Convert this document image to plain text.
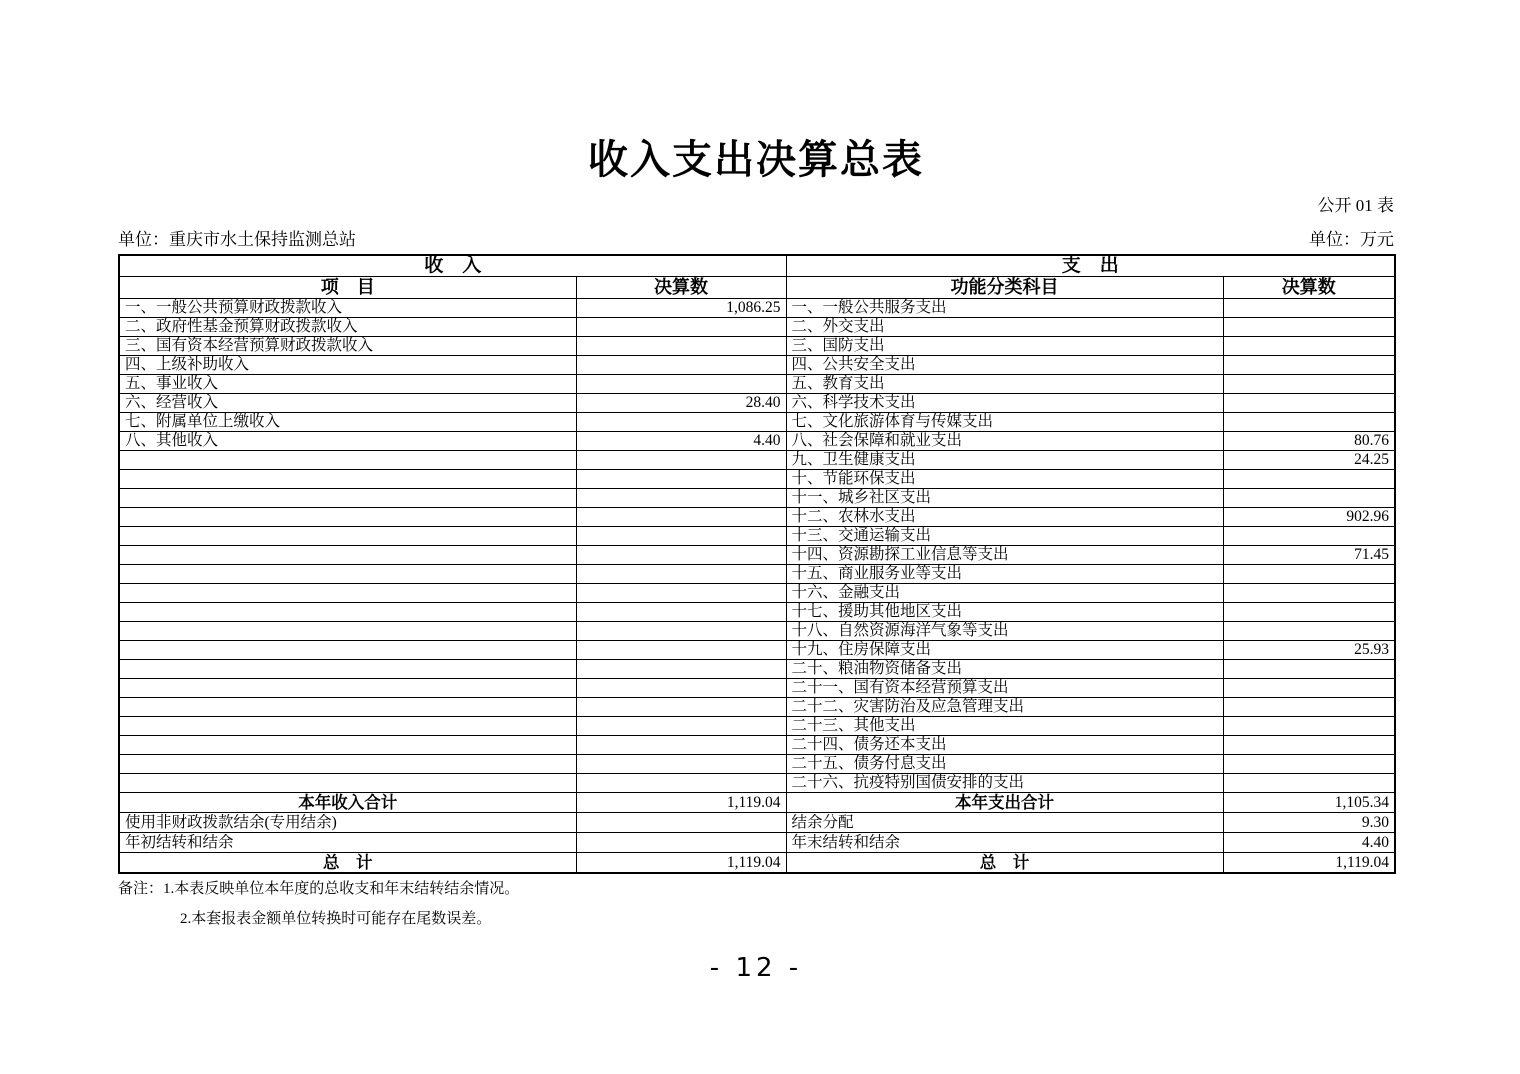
收入支出决算总表
公开 01 表
单位：重庆市水土保持监测总站	单位：万元
收　入		支　出	
项　目	决算数	功能分类科目	决算数
一、一般公共预算财政拨款收入	1,086.25	一、一般公共服务支出	
二、政府性基金预算财政拨款收入		二、外交支出	
三、国有资本经营预算财政拨款收入		三、国防支出	
四、上级补助收入		四、公共安全支出	
五、事业收入		五、教育支出	
六、经营收入	28.40	六、科学技术支出	
七、附属单位上缴收入		七、文化旅游体育与传媒支出	
八、其他收入	4.40	八、社会保障和就业支出	80.76
		九、卫生健康支出	24.25
		十、节能环保支出	
		十一、城乡社区支出	
		十二、农林水支出	902.96
		十三、交通运输支出	
		十四、资源勘探工业信息等支出	71.45
		十五、商业服务业等支出	
		十六、金融支出	
		十七、援助其他地区支出	
		十八、自然资源海洋气象等支出	
		十九、住房保障支出	25.93
		二十、粮油物资储备支出	
		二十一、国有资本经营预算支出	
		二十二、灾害防治及应急管理支出	
		二十三、其他支出	
		二十四、债务还本支出	
		二十五、债务付息支出	
		二十六、抗疫特别国债安排的支出	
本年收入合计	1,119.04	本年支出合计	1,105.34
使用非财政拨款结余(专用结余)		结余分配	9.30
年初结转和结余		年末结转和结余	4.40
总　计	1,119.04	总　计	1,119.04
备注：1.本表反映单位本年度的总收支和年末结转结余情况。
2.本套报表金额单位转换时可能存在尾数误差。
- 12 -
